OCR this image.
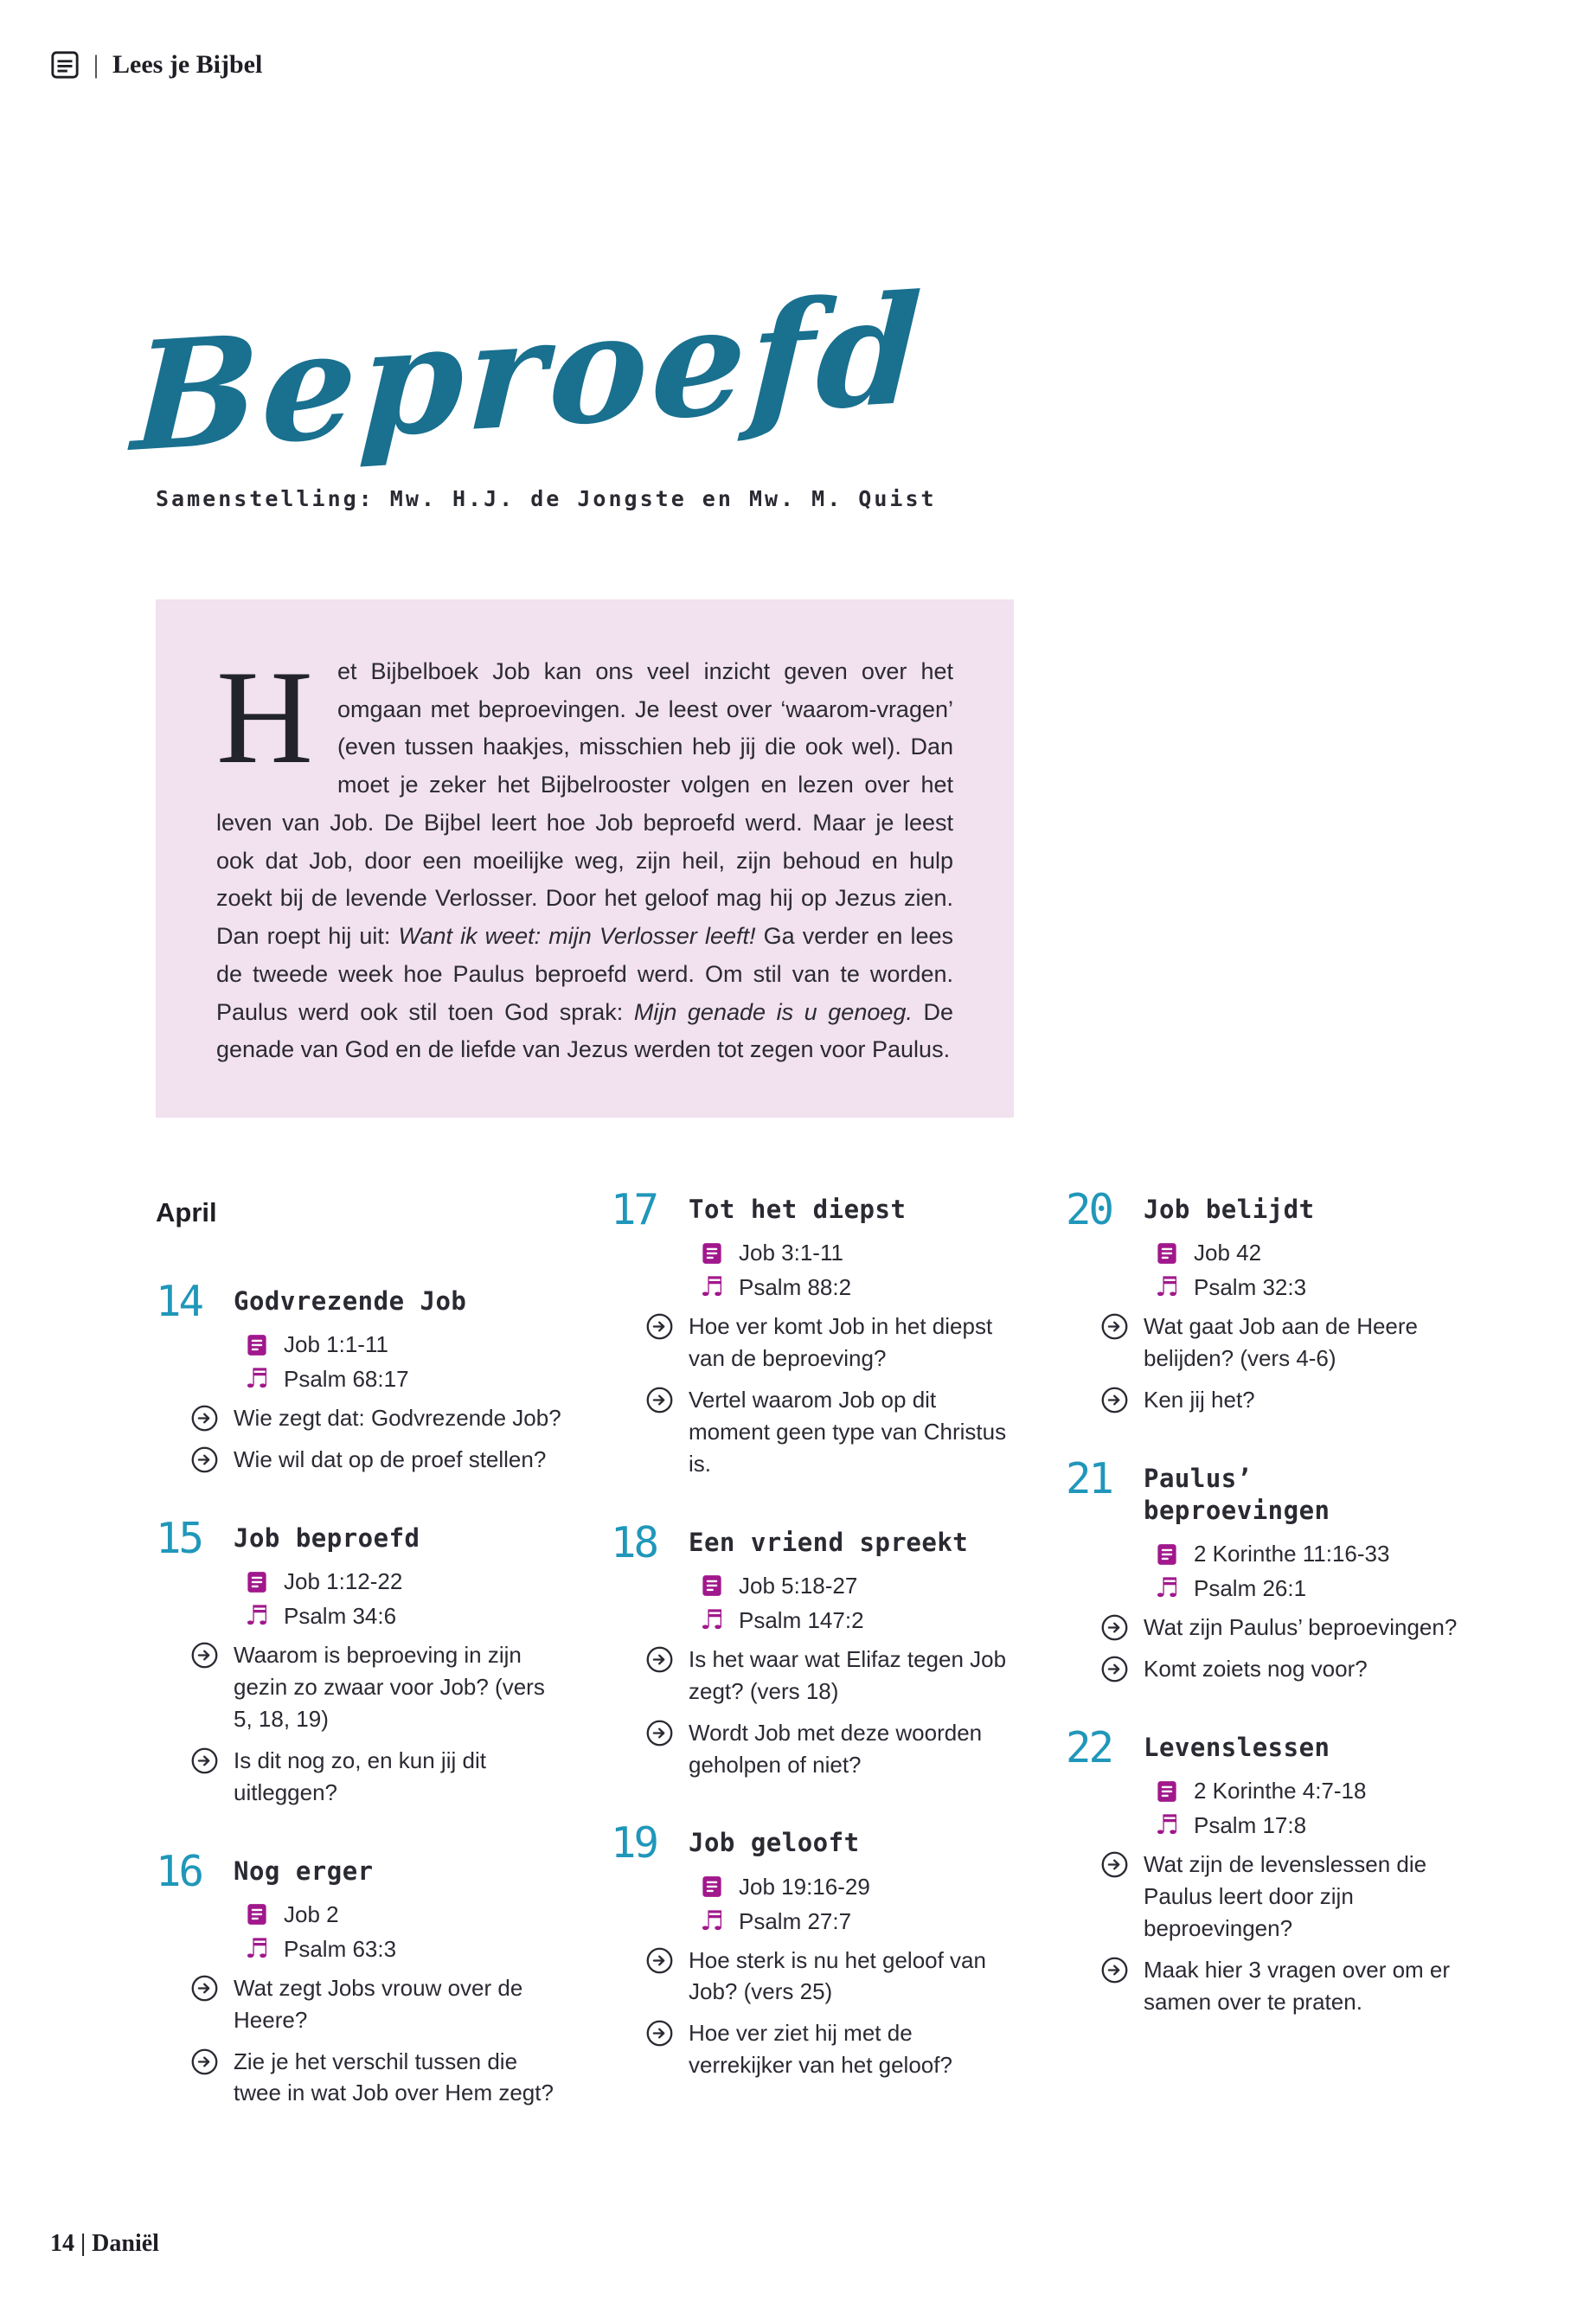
| Lees je Bijbel
Beproefd
Samenstelling: Mw. H.J. de Jongste en Mw. M. Quist

H	et Bijbelboek Job kan ons veel inzicht geven over het omgaan met beproevingen. Je leest over ‘waarom-vragen’ (even tussen haakjes, misschien heb jij die ook wel). Dan moet je zeker het Bijbelrooster volgen en lezen over het leven van Job. De Bijbel leert hoe Job beproefd werd. Maar je leest ook dat Job, door een moeilijke weg, zijn heil, zijn behoud en hulp zoekt bij de levende Verlosser. Door het geloof mag hij op Jezus zien. Dan roept hij uit: Want ik weet: mijn Verlosser leeft! Ga verder en lees de tweede week hoe Paulus beproefd werd. Om stil van te worden. Paulus werd ook stil toen God sprak: Mijn genade is u genoeg. De genade van God en de liefde van Jezus werden tot zegen voor Paulus.

April
14 Godvrezende Job
Job 1:1-11
♬ Psalm 68:17
Wie zegt dat: Godvrezende Job?
Wie wil dat op de proef stellen?
15 Job beproefd
Job 1:12-22
♬ Psalm 34:6
Waarom is beproeving in zijn gezin zo zwaar voor Job? (vers 5, 18, 19)
Is dit nog zo, en kun jij dit uitleggen?
16 Nog erger
Job 2
♬ Psalm 63:3
Wat zegt Jobs vrouw over de Heere?
Zie je het verschil tussen die twee in wat Job over Hem zegt?
17 Tot het diepst
Job 3:1-11
♬ Psalm 88:2
Hoe ver komt Job in het diepst van de beproeving?
Vertel waarom Job op dit moment geen type van Christus is.
18 Een vriend spreekt
Job 5:18-27
♬ Psalm 147:2
Is het waar wat Elifaz tegen Job zegt? (vers 18)
Wordt Job met deze woorden geholpen of niet?
19 Job gelooft
Job 19:16-29
♬ Psalm 27:7
Hoe sterk is nu het geloof van Job? (vers 25)
Hoe ver ziet hij met de verrekijker van het geloof?
20 Job belijdt
Job 42
♬ Psalm 32:3
Wat gaat Job aan de Heere belijden? (vers 4-6)
Ken jij het?
21 Paulus’ beproevingen
2 Korinthe 11:16-33
♬ Psalm 26:1
Wat zijn Paulus’ beproevingen?
Komt zoiets nog voor?
22 Levenslessen
2 Korinthe 4:7-18
♬ Psalm 17:8
Wat zijn de levenslessen die Paulus leert door zijn beproevingen?
Maak hier 3 vragen over om er samen over te praten.
14 | Daniël
